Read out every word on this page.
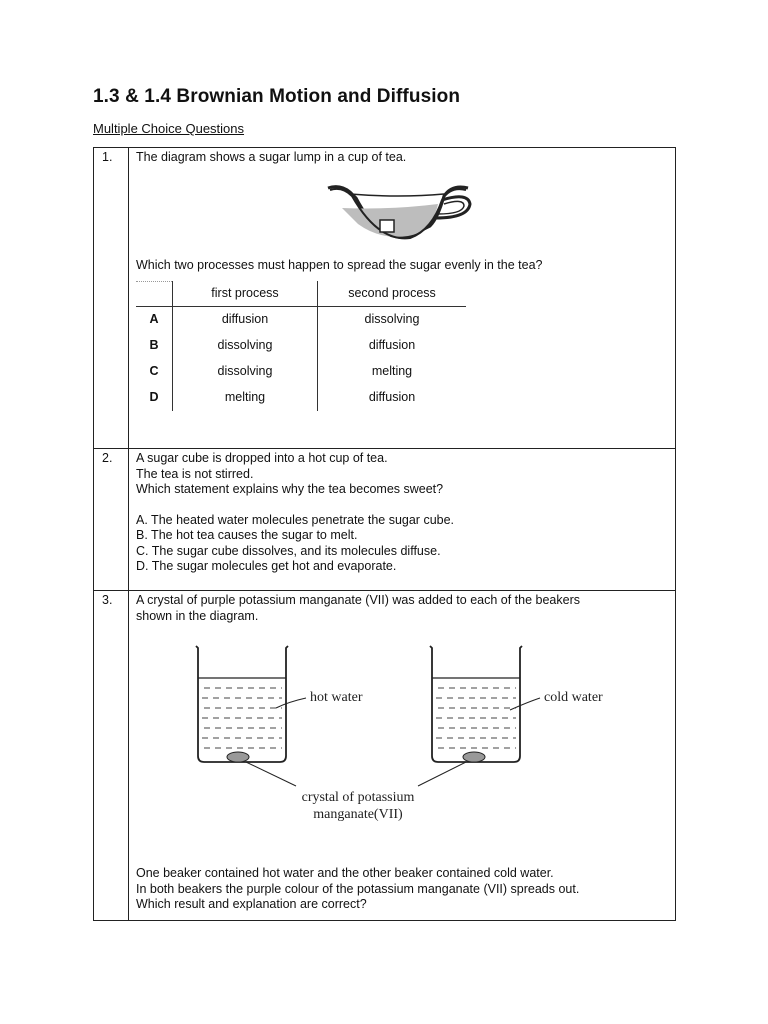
1.3 & 1.4 Brownian Motion and Diffusion
Multiple Choice Questions
1.	The diagram shows a sugar lump in a cup of tea.
Which two processes must happen to spread the sugar evenly in the tea?
	first process	second process
A	diffusion	dissolving
B	dissolving	diffusion
C	dissolving	melting
D	melting	diffusion

2.	A sugar cube is dropped into a hot cup of tea.
The tea is not stirred.
Which statement explains why the tea becomes sweet?
A. The heated water molecules penetrate the sugar cube.
B. The hot tea causes the sugar to melt.
C. The sugar cube dissolves, and its molecules diffuse.
D. The sugar molecules get hot and evaporate.

3.	A crystal of purple potassium manganate (VII) was added to each of the beakers
shown in the diagram.
hot water	cold water
crystal of potassium
manganate(VII)
One beaker contained hot water and the other beaker contained cold water.
In both beakers the purple colour of the potassium manganate (VII) spreads out.
Which result and explanation are correct?
